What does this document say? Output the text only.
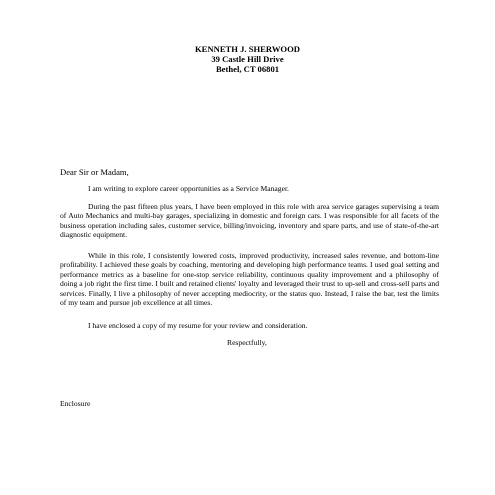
KENNETH J. SHERWOOD
39 Castle Hill Drive
Bethel, CT 06801
Dear Sir or Madam,

I am writing to explore career opportunities as a Service Manager.

During the past fifteen plus years, I have been employed in this role with area service garages supervising a team of Auto Mechanics and multi-bay garages, specializing in domestic and foreign cars. I was responsible for all facets of the business operation including sales, customer service, billing/invoicing, inventory and spare parts, and use of state-of-the-art diagnostic equipment.

While in this role, I consistently lowered costs, improved productivity, increased sales revenue, and bottom-line profitability. I achieved these goals by coaching, mentoring and developing high performance teams. I used goal setting and performance metrics as a baseline for one-stop service reliability, continuous quality improvement and a philosophy of doing a job right the first time. I built and retained clients' loyalty and leveraged their trust to up-sell and cross-sell parts and services. Finally, I live a philosophy of never accepting mediocrity, or the status quo. Instead, I raise the bar, test the limits of my team and pursue job excellence at all times.

I have enclosed a copy of my resume for your review and consideration.

Respectfully,
Enclosure
